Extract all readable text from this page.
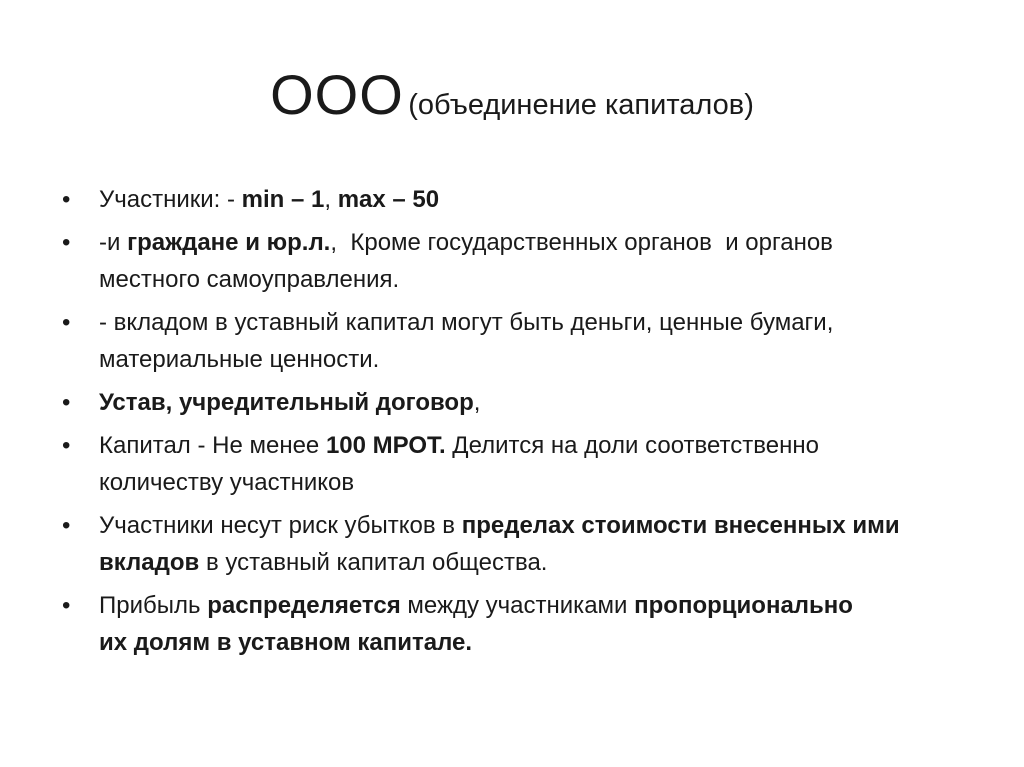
ООО (объединение капиталов)
•	Участники: - min – 1, max – 50
•	-и граждане и юр.л.,  Кроме государственных органов  и органов
местного самоуправления.
•	- вкладом в уставный капитал могут быть деньги, ценные бумаги,
материальные ценности.
•	Устав, учредительный договор,
•	Капитал - Не менее 100 МРОТ. Делится на доли соответственно
количеству участников
•	Участники несут риск убытков в пределах стоимости внесенных ими
вкладов в уставный капитал общества.
•	Прибыль распределяется между участниками пропорционально
их долям в уставном капитале.
